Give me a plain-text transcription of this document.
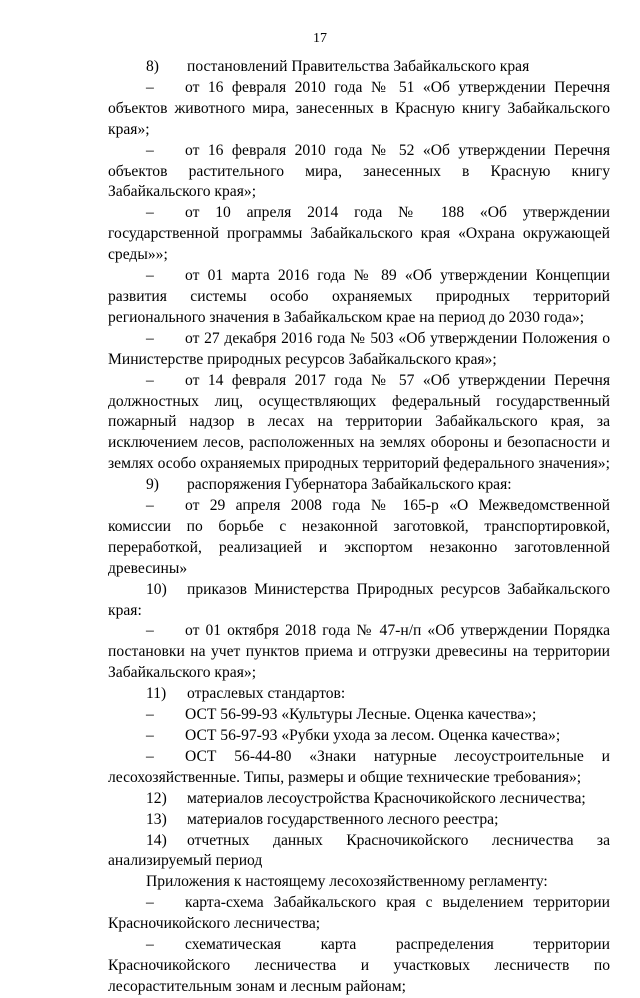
17

8) постановлений Правительства Забайкальского края

– от 16 февраля 2010 года № 51 «Об утверждении Перечня объектов животного мира, занесенных в Красную книгу Забайкальского края»;

– от 16 февраля 2010 года № 52 «Об утверждении Перечня объектов растительного мира, занесенных в Красную книгу Забайкальского края»;

– от 10 апреля 2014 года № 188 «Об утверждении государственной программы Забайкальского края «Охрана окружающей среды»»;

– от 01 марта 2016 года № 89 «Об утверждении Концепции развития системы особо охраняемых природных территорий регионального значения в Забайкальском крае на период до 2030 года»;

– от 27 декабря 2016 года № 503 «Об утверждении Положения о Министерстве природных ресурсов Забайкальского края»;

– от 14 февраля 2017 года № 57 «Об утверждении Перечня должностных лиц, осуществляющих федеральный государственный пожарный надзор в лесах на территории Забайкальского края, за исключением лесов, расположенных на землях обороны и безопасности и землях особо охраняемых природных территорий федерального значения»;

9) распоряжения Губернатора Забайкальского края:

– от 29 апреля 2008 года № 165-р «О Межведомственной комиссии по борьбе с незаконной заготовкой, транспортировкой, переработкой, реализацией и экспортом незаконно заготовленной древесины»

10) приказов Министерства Природных ресурсов Забайкальского края:

– от 01 октября 2018 года № 47-н/п «Об утверждении Порядка постановки на учет пунктов приема и отгрузки древесины на территории Забайкальского края»;

11) отраслевых стандартов:

– ОСТ 56-99-93 «Культуры Лесные. Оценка качества»;

– ОСТ 56-97-93 «Рубки ухода за лесом. Оценка качества»;

– ОСТ 56-44-80 «Знаки натурные лесоустроительные и лесохозяйственные. Типы, размеры и общие технические требования»;

12) материалов лесоустройства Красночикойского лесничества;

13) материалов государственного лесного реестра;

14) отчетных данных Красночикойского лесничества за анализируемый период

Приложения к настоящему лесохозяйственному регламенту:

– карта-схема Забайкальского края с выделением территории Красночикойского лесничества;

– схематическая карта распределения территории Красночикойского лесничества и участковых лесничеств по лесорастительным зонам и лесным районам;
